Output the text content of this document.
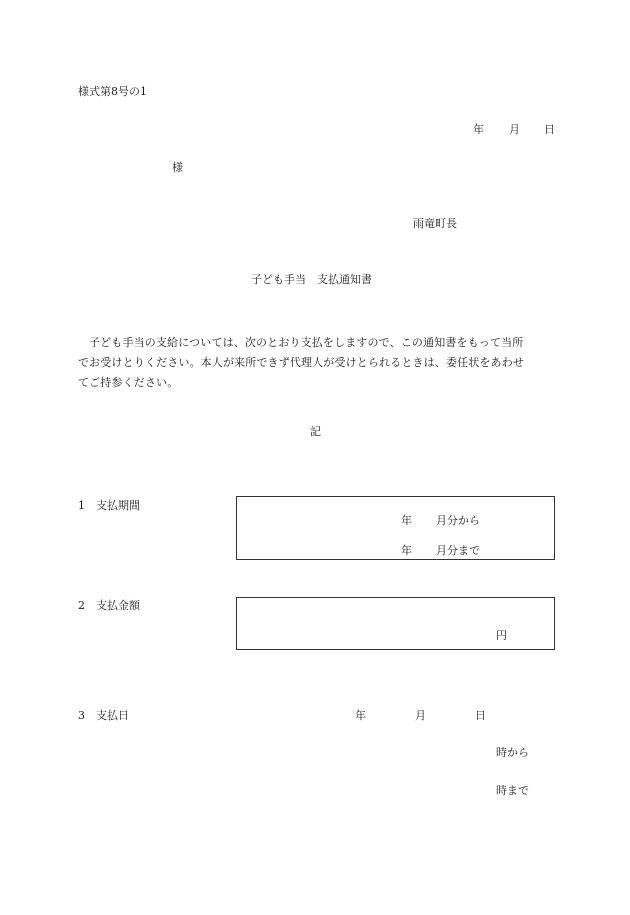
様式第8号の1
年 月 日
様
雨竜町長
子ども手当　支払通知書

子ども手当の支給については、次のとおり支払をしますので、この通知書をもって当所

でお受けとりください。本人が来所できず代理人が受けとられるときは、委任状をあわせ

てご持参ください。

記
1　支払期間
年 月分から
年 月分まで
2　支払金額
円
3　支払日	年	月	日
時から
時まで
